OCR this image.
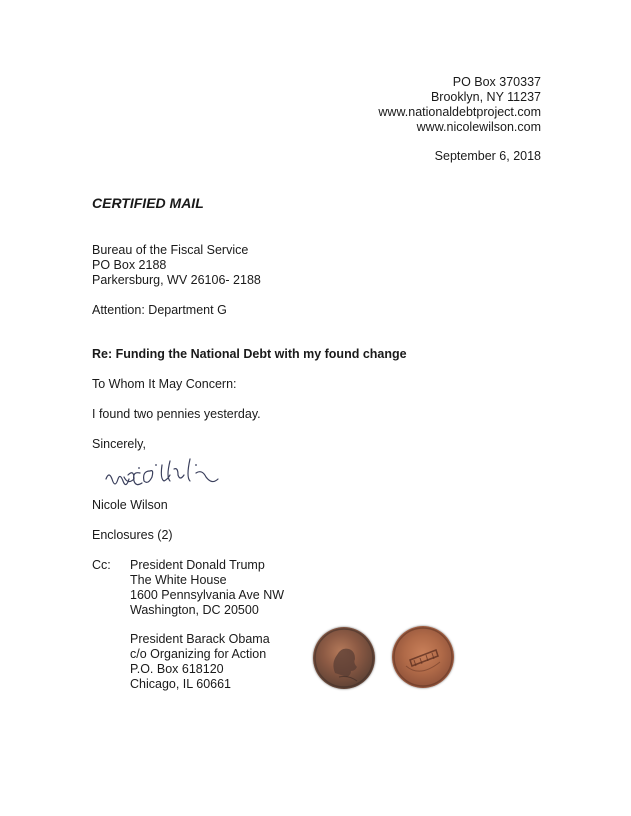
PO Box 370337
Brooklyn, NY 11237
www.nationaldebtproject.com
www.nicolewilson.com
September 6, 2018
CERTIFIED MAIL
Bureau of the Fiscal Service
PO Box 2188
Parkersburg, WV 26106- 2188
Attention: Department G
Re: Funding the National Debt with my found change
To Whom It May Concern:
I found two pennies yesterday.
Sincerely,
Nicole Wilson
Enclosures (2)
Cc: President Donald Trump
The White House
1600 Pennsylvania Ave NW
Washington, DC 20500
President Barack Obama
c/o Organizing for Action
P.O. Box 618120
Chicago, IL 60661
